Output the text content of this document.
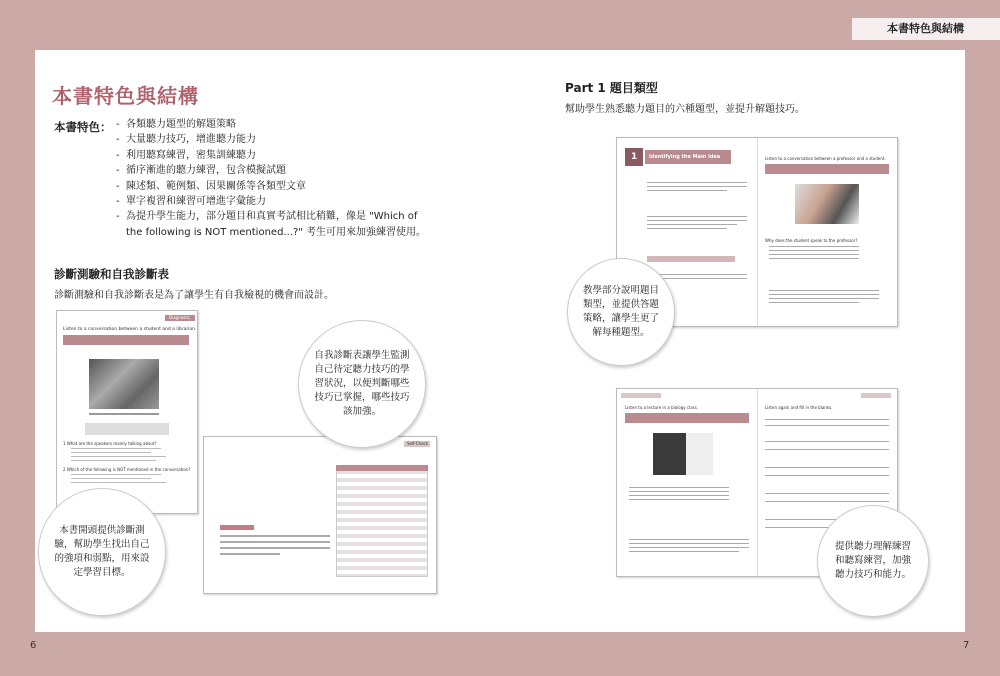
本書特色與結構
6	7
本書特色與結構
本書特色：
-	各類聽力題型的解題策略
- 大量聽力技巧，增進聽力能力
- 利用聽寫練習，密集訓練聽力
- 循序漸進的聽力練習，包含模擬試題
- 陳述類、範例類、因果關係等各類型文章
- 單字複習和練習可增進字彙能力
- 為提升學生能力，部分題目和真實考試相比稍難，像是 "Which of the following is NOT mentioned...?" 考生可用來加強練習使用。
診斷測驗和自我診斷表
診斷測驗和自我診斷表是為了讓學生有自我檢視的機會而設計。
Diagnostic
Listen to a conversation between a student and a librarian.
1 What are the speakers mainly talking about?
2 Which of the following is NOT mentioned in the conversation?
Self-Check
自我診斷表讓學生監測自己待定聽力技巧的學習狀況，以便判斷哪些技巧已掌握，哪些技巧該加強。
本書開頭提供診斷測驗，幫助學生找出自己的強項和弱點，用來設定學習目標。
Part 1 題目類型
幫助學生熟悉聽力題目的六種題型，並提升解題技巧。
1 Identifying the Main Idea	Listen to a conversation between a professor and a student.
Why does the student speak to the professor?
Listen to a lecture in a biology class.	Listen again and fill in the blanks.
教學部分說明題目類型，並提供答題策略，讓學生更了解每種題型。
提供聽力理解練習和聽寫練習，加強聽力技巧和能力。
